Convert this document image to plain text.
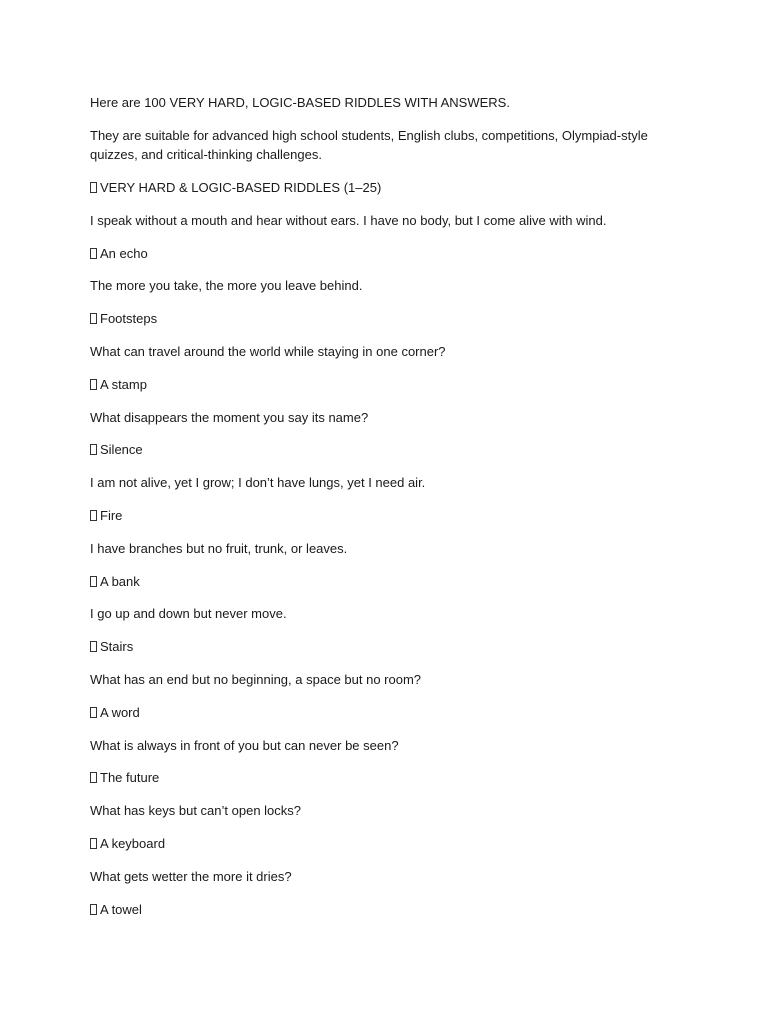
Here are 100 VERY HARD, LOGIC-BASED RIDDLES WITH ANSWERS.

They are suitable for advanced high school students, English clubs, competitions, Olympiad-style quizzes, and critical-thinking challenges.

VERY HARD & LOGIC-BASED RIDDLES (1–25)

I speak without a mouth and hear without ears. I have no body, but I come alive with wind.

An echo

The more you take, the more you leave behind.

Footsteps

What can travel around the world while staying in one corner?

A stamp

What disappears the moment you say its name?

Silence

I am not alive, yet I grow; I don’t have lungs, yet I need air.

Fire

I have branches but no fruit, trunk, or leaves.

A bank

I go up and down but never move.

Stairs

What has an end but no beginning, a space but no room?

A word

What is always in front of you but can never be seen?

The future

What has keys but can’t open locks?

A keyboard

What gets wetter the more it dries?

A towel
